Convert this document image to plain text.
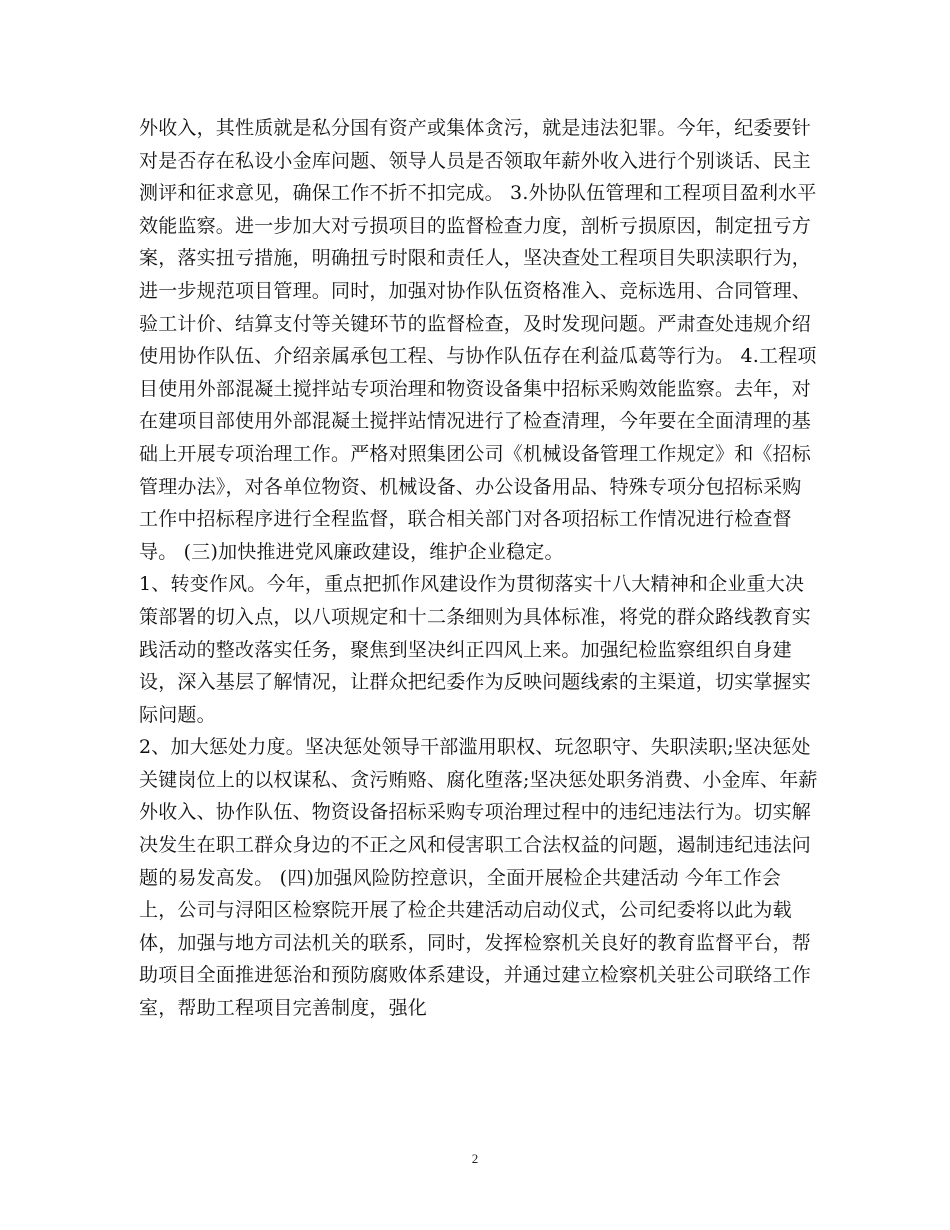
外收入，其性质就是私分国有资产或集体贪污，就是违法犯罪。今年，纪委要针对是否存在私设小金库问题、领导人员是否领取年薪外收入进行个别谈话、民主测评和征求意见，确保工作不折不扣完成。 3.外协队伍管理和工程项目盈利水平效能监察。进一步加大对亏损项目的监督检查力度，剖析亏损原因，制定扭亏方案，落实扭亏措施，明确扭亏时限和责任人，坚决查处工程项目失职渎职行为，进一步规范项目管理。同时，加强对协作队伍资格准入、竞标选用、合同管理、验工计价、结算支付等关键环节的监督检查，及时发现问题。严肃查处违规介绍使用协作队伍、介绍亲属承包工程、与协作队伍存在利益瓜葛等行为。 4.工程项目使用外部混凝土搅拌站专项治理和物资设备集中招标采购效能监察。去年，对在建项目部使用外部混凝土搅拌站情况进行了检查清理，今年要在全面清理的基础上开展专项治理工作。严格对照集团公司《机械设备管理工作规定》和《招标管理办法》，对各单位物资、机械设备、办公设备用品、特殊专项分包招标采购工作中招标程序进行全程监督，联合相关部门对各项招标工作情况进行检查督导。 (三)加快推进党风廉政建设，维护企业稳定。

1、转变作风。今年，重点把抓作风建设作为贯彻落实十八大精神和企业重大决策部署的切入点，以八项规定和十二条细则为具体标准，将党的群众路线教育实践活动的整改落实任务，聚焦到坚决纠正四风上来。加强纪检监察组织自身建设，深入基层了解情况，让群众把纪委作为反映问题线索的主渠道，切实掌握实际问题。

2、加大惩处力度。坚决惩处领导干部滥用职权、玩忽职守、失职渎职;坚决惩处关键岗位上的以权谋私、贪污贿赂、腐化堕落;坚决惩处职务消费、小金库、年薪外收入、协作队伍、物资设备招标采购专项治理过程中的违纪违法行为。切实解决发生在职工群众身边的不正之风和侵害职工合法权益的问题，遏制违纪违法问题的易发高发。 (四)加强风险防控意识，全面开展检企共建活动 今年工作会上，公司与浔阳区检察院开展了检企共建活动启动仪式，公司纪委将以此为载体，加强与地方司法机关的联系，同时，发挥检察机关良好的教育监督平台，帮助项目全面推进惩治和预防腐败体系建设，并通过建立检察机关驻公司联络工作室，帮助工程项目完善制度，强化

2
